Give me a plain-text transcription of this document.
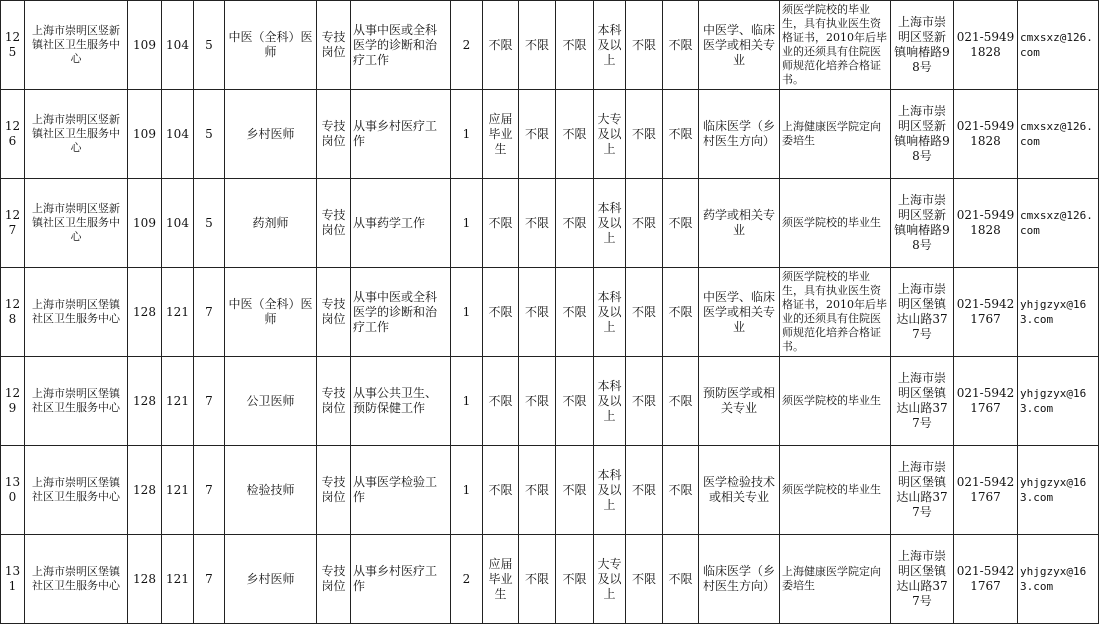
125	上海市崇明区竖新镇社区卫生服务中心	109	104	5	中医（全科）医师	专技岗位	从事中医或全科医学的诊断和治疗工作	2	不限	不限	不限	本科及以上	不限	不限	中医学、临床医学或相关专业	须医学院校的毕业生，具有执业医生资格证书，2010年后毕业的还须具有住院医师规范化培养合格证书。	上海市崇明区竖新镇响椿路98号	021-59491828	cmxsxz@126.com
126	上海市崇明区竖新镇社区卫生服务中心	109	104	5	乡村医师	专技岗位	从事乡村医疗工作	1	应届毕业生	不限	不限	大专及以上	不限	不限	临床医学（乡村医生方向）	上海健康医学院定向委培生	上海市崇明区竖新镇响椿路98号	021-59491828	cmxsxz@126.com
127	上海市崇明区竖新镇社区卫生服务中心	109	104	5	药剂师	专技岗位	从事药学工作	1	不限	不限	不限	本科及以上	不限	不限	药学或相关专业	须医学院校的毕业生	上海市崇明区竖新镇响椿路98号	021-59491828	cmxsxz@126.com
128	上海市崇明区堡镇社区卫生服务中心	128	121	7	中医（全科）医师	专技岗位	从事中医或全科医学的诊断和治疗工作	1	不限	不限	不限	本科及以上	不限	不限	中医学、临床医学或相关专业	须医学院校的毕业生，具有执业医生资格证书，2010年后毕业的还须具有住院医师规范化培养合格证书。	上海市崇明区堡镇达山路377号	021-59421767	yhjgzyx@163.com
129	上海市崇明区堡镇社区卫生服务中心	128	121	7	公卫医师	专技岗位	从事公共卫生、预防保健工作	1	不限	不限	不限	本科及以上	不限	不限	预防医学或相关专业	须医学院校的毕业生	上海市崇明区堡镇达山路377号	021-59421767	yhjgzyx@163.com
130	上海市崇明区堡镇社区卫生服务中心	128	121	7	检验技师	专技岗位	从事医学检验工作	1	不限	不限	不限	本科及以上	不限	不限	医学检验技术或相关专业	须医学院校的毕业生	上海市崇明区堡镇达山路377号	021-59421767	yhjgzyx@163.com
131	上海市崇明区堡镇社区卫生服务中心	128	121	7	乡村医师	专技岗位	从事乡村医疗工作	2	应届毕业生	不限	不限	大专及以上	不限	不限	临床医学（乡村医生方向）	上海健康医学院定向委培生	上海市崇明区堡镇达山路377号	021-59421767	yhjgzyx@163.com
